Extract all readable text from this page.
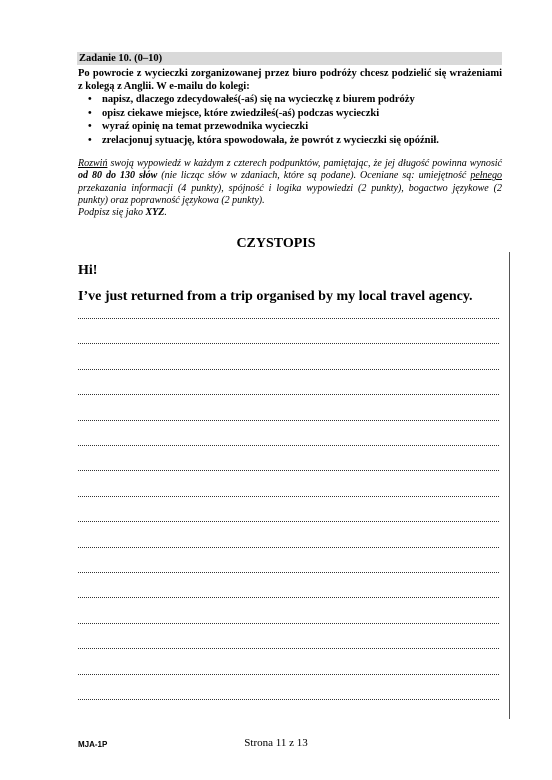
Zadanie 10. (0–10)
Po powrocie z wycieczki zorganizowanej przez biuro podróży chcesz podzielić się wrażeniami z kolegą z Anglii. W e-mailu do kolegi:
• napisz, dlaczego zdecydowałeś(-aś) się na wycieczkę z biurem podróży
• opisz ciekawe miejsce, które zwiedziłeś(-aś) podczas wycieczki
• wyraź opinię na temat przewodnika wycieczki
• zrelacjonuj sytuację, która spowodowała, że powrót z wycieczki się opóźnił.
Rozwiń swoją wypowiedź w każdym z czterech podpunktów, pamiętając, że jej długość powinna wynosić od 80 do 130 słów (nie licząc słów w zdaniach, które są podane). Oceniane są: umiejętność pełnego przekazania informacji (4 punkty), spójność i logika wypowiedzi (2 punkty), bogactwo językowe (2 punkty) oraz poprawność językowa (2 punkty).
Podpisz się jako XYZ.
CZYSTOPIS
Hi!
I’ve just returned from a trip organised by my local travel agency.
MJA-1P	Strona 11 z 13
